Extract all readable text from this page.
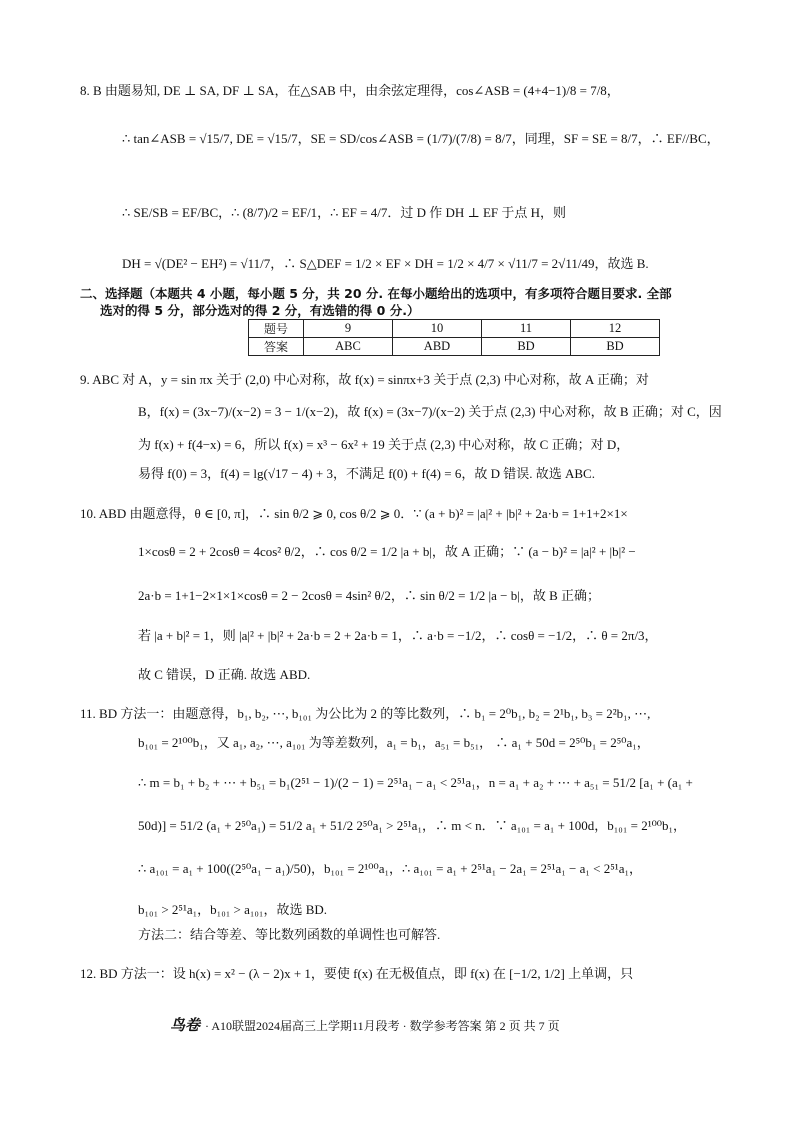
8. B 由题易知, DE ⊥ SA, DF ⊥ SA，在△SAB 中，由余弦定理得，cos∠ASB = (4+4−1)/8 = 7/8，
∴ tan∠ASB = √15/7, DE = √15/7，SE = SD/cos∠ASB = (1/7)/(7/8) = 8/7，同理，SF = SE = 8/7，∴ EF//BC，
∴ SE/SB = EF/BC，∴ (8/7)/2 = EF/1，∴ EF = 4/7．过 D 作 DH ⊥ EF 于点 H，则
DH = √(DE² − EH²) = √11/7，∴ S△DEF = 1/2 × EF × DH = 1/2 × 4/7 × √11/7 = 2√11/49，故选 B.
二、选择题（本题共 4 小题，每小题 5 分，共 20 分. 在每小题给出的选项中，有多项符合题目要求. 全部
选对的得 5 分，部分选对的得 2 分，有选错的得 0 分.）
题号	9	10	11	12
答案	ABC	ABD	BD	BD
9. ABC 对 A，y = sin πx 关于 (2,0) 中心对称，故 f(x) = sinπx+3 关于点 (2,3) 中心对称，故 A 正确；对
B，f(x) = (3x−7)/(x−2) = 3 − 1/(x−2)，故 f(x) = (3x−7)/(x−2) 关于点 (2,3) 中心对称，故 B 正确；对 C，因
为 f(x) + f(4−x) = 6，所以 f(x) = x³ − 6x² + 19 关于点 (2,3) 中心对称，故 C 正确；对 D，
易得 f(0) = 3，f(4) = lg(√17 − 4) + 3，不满足 f(0) + f(4) = 6，故 D 错误. 故选 ABC.
10. ABD 由题意得，θ ∈ [0, π]，∴ sin θ/2 ⩾ 0, cos θ/2 ⩾ 0．∵ (a + b)² = |a|² + |b|² + 2a·b = 1+1+2×1×
1×cosθ = 2 + 2cosθ = 4cos² θ/2，∴ cos θ/2 = 1/2 |a + b|，故 A 正确；∵ (a − b)² = |a|² + |b|² −
2a·b = 1+1−2×1×1×cosθ = 2 − 2cosθ = 4sin² θ/2，∴ sin θ/2 = 1/2 |a − b|，故 B 正确；
若 |a + b|² = 1，则 |a|² + |b|² + 2a·b = 2 + 2a·b = 1，∴ a·b = −1/2，∴ cosθ = −1/2，∴ θ = 2π/3，
故 C 错误，D 正确. 故选 ABD.
11. BD 方法一：由题意得，b₁, b₂, ⋯, b₁₀₁ 为公比为 2 的等比数列，∴ b₁ = 2⁰b₁, b₂ = 2¹b₁, b₃ = 2²b₁, ⋯,
b₁₀₁ = 2¹⁰⁰b₁，又 a₁, a₂, ⋯, a₁₀₁ 为等差数列，a₁ = b₁，a₅₁ = b₅₁， ∴ a₁ + 50d = 2⁵⁰b₁ = 2⁵⁰a₁，
∴ m = b₁ + b₂ + ⋯ + b₅₁ = b₁(2⁵¹ − 1)/(2 − 1) = 2⁵¹a₁ − a₁ < 2⁵¹a₁，n = a₁ + a₂ + ⋯ + a₅₁ = 51/2 [a₁ + (a₁ +
50d)] = 51/2 (a₁ + 2⁵⁰a₁) = 51/2 a₁ + 51/2 2⁵⁰a₁ > 2⁵¹a₁，∴ m < n．∵ a₁₀₁ = a₁ + 100d，b₁₀₁ = 2¹⁰⁰b₁，
∴ a₁₀₁ = a₁ + 100((2⁵⁰a₁ − a₁)/50)，b₁₀₁ = 2¹⁰⁰a₁，∴ a₁₀₁ = a₁ + 2⁵¹a₁ − 2a₁ = 2⁵¹a₁ − a₁ < 2⁵¹a₁，
b₁₀₁ > 2⁵¹a₁，b₁₀₁ > a₁₀₁，故选 BD.
方法二：结合等差、等比数列函数的单调性也可解答.
12. BD 方法一：设 h(x) = x² − (λ − 2)x + 1，要使 f(x) 在无极值点，即 f(x) 在 [−1/2, 1/2] 上单调，只
鸟卷 · A10联盟2024届高三上学期11月段考 · 数学参考答案 第 2 页 共 7 页
